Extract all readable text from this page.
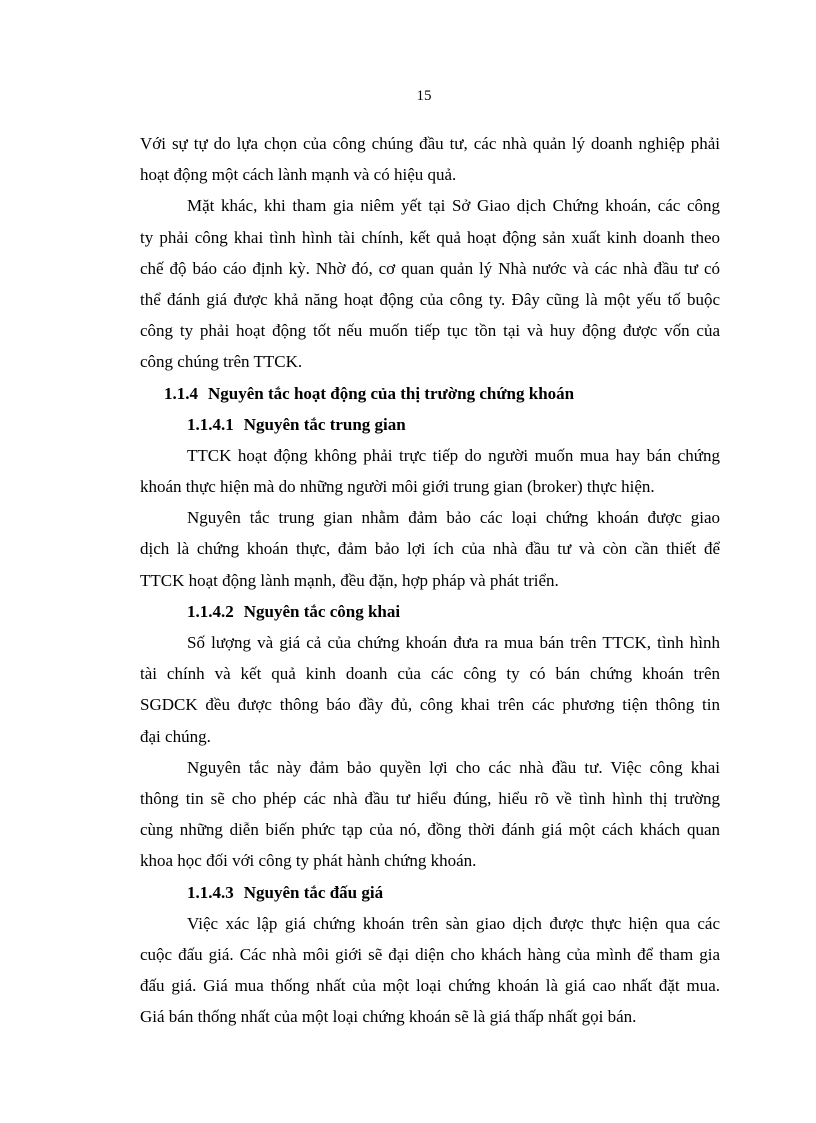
15
Với sự tự do lựa chọn của công chúng đầu tư, các nhà quản lý doanh nghiệp phải
hoạt động một cách lành mạnh và có hiệu quả.
Mặt khác, khi tham gia niêm yết tại Sở Giao dịch Chứng khoán, các công
ty phải công khai tình hình tài chính, kết quả hoạt động sản xuất kinh doanh theo
chế độ báo cáo định kỳ. Nhờ đó, cơ quan quản lý Nhà nước và các nhà đầu tư có
thể đánh giá được khả năng hoạt động của công ty. Đây cũng là một yếu tố buộc
công ty phải hoạt động tốt nếu muốn tiếp tục tồn tại và huy động được vốn của
công chúng trên TTCK.
1.1.4 Nguyên tắc hoạt động của thị trường chứng khoán
1.1.4.1 Nguyên tắc trung gian
TTCK hoạt động không phải trực tiếp do người muốn mua hay bán chứng
khoán thực hiện mà do những người môi giới trung gian (broker) thực hiện.
Nguyên tắc trung gian nhằm đảm bảo các loại chứng khoán được giao
dịch là chứng khoán thực, đảm bảo lợi ích của nhà đầu tư và còn cần thiết để
TTCK hoạt động lành mạnh, đều đặn, hợp pháp và phát triển.
1.1.4.2 Nguyên tắc công khai
Số lượng và giá cả của chứng khoán đưa ra mua bán trên TTCK, tình hình
tài chính và kết quả kinh doanh của các công ty có bán chứng khoán trên
SGDCK đều được thông báo đầy đủ, công khai trên các phương tiện thông tin
đại chúng.
Nguyên tắc này đảm bảo quyền lợi cho các nhà đầu tư. Việc công khai
thông tin sẽ cho phép các nhà đầu tư hiểu đúng, hiểu rõ về tình hình thị trường
cùng những diễn biến phức tạp của nó, đồng thời đánh giá một cách khách quan
khoa học đối với công ty phát hành chứng khoán.
1.1.4.3 Nguyên tắc đấu giá
Việc xác lập giá chứng khoán trên sàn giao dịch được thực hiện qua các
cuộc đấu giá. Các nhà môi giới sẽ đại diện cho khách hàng của mình để tham gia
đấu giá. Giá mua thống nhất của một loại chứng khoán là giá cao nhất đặt mua.
Giá bán thống nhất của một loại chứng khoán sẽ là giá thấp nhất gọi bán.
